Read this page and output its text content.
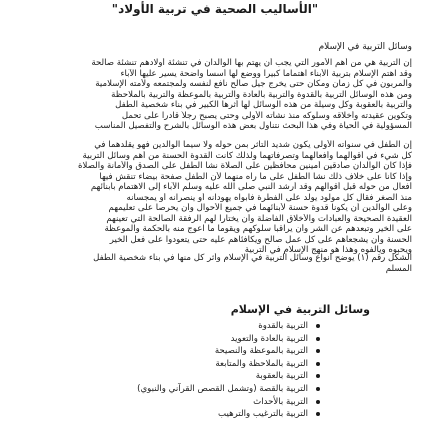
"الأساليب الصحية في تربية الأولاد"
وسائل التربية في الإسلام
إن التربية هي من أهم الأمور التي يجب أن يهتم بها الوالدان في تنشئة أولادهم تنشئة صالحة
وقد اهتم الإسلام بتربية الأبناء اهتماماً كبيراً ووضع لها أسساً واضحة يسير عليها الآباء
والمربون في كل زمان ومكان حتى يخرج جيل صالح نافع لنفسه ولمجتمعه ولأمته الإسلامية
ومن هذه الوسائل التربية بالقدوة والتربية بالعادة والتربية بالموعظة والتربية بالملاحظة
والتربية بالعقوبة وكل وسيلة من هذه الوسائل لها أثرها الكبير في بناء شخصية الطفل
وتكوين عقيدته وأخلاقه وسلوكه منذ نشأته الأولى وحتى يصبح رجلاً قادراً على تحمل
المسؤولية في الحياة وفي هذا البحث نتناول بعض هذه الوسائل بالشرح والتفصيل المناسب
إن الطفل في سنواته الأولى يكون شديد التأثر بمن حوله ولا سيما الوالدين فهو يقلدهما في
كل شيء في أقوالهما وأفعالهما وتصرفاتهما ولذلك كانت القدوة الحسنة من أهم وسائل التربية
فإذا كان الوالدان صادقين أمينين محافظين على الصلاة نشأ الطفل على الصدق والأمانة والصلاة
وإذا كانا على خلاف ذلك نشأ الطفل على ما رآه منهما لأن الطفل صفحة بيضاء تنقش فيها
أفعال من حوله قبل أقوالهم وقد أرشد النبي صلى الله عليه وسلم الآباء إلى الاهتمام بأبنائهم
منذ الصغر فقال كل مولود يولد على الفطرة فأبواه يهودانه أو ينصرانه أو يمجسانه
وعلى الوالدين أن يكونا قدوة حسنة لأبنائهما في جميع الأحوال وأن يحرصا على تعليمهم
العقيدة الصحيحة والعبادات والأخلاق الفاضلة وأن يختارا لهم الرفقة الصالحة التي تعينهم
على الخير وتبعدهم عن الشر وأن يراقبا سلوكهم ويقوما ما اعوج منه بالحكمة والموعظة
الحسنة وأن يشجعاهم على كل عمل صالح ويكافئاهم عليه حتى يتعودوا على فعل الخير
ويحبوه ويألفوه وهذا هو منهج الإسلام في التربية
الشكل رقم (١) يوضح أنواع وسائل التربية في الإسلام وأثر كل منها في بناء شخصية الطفل
المسلم
وسائل التربية في الإسلام
التربية بالقدوة
التربية بالعادة والتعويد
التربية بالموعظة والنصيحة
التربية بالملاحظة والمتابعة
التربية بالعقوبة
التربية بالقصة (وتشمل القصص القرآني والنبوي)
التربية بالأحداث
التربية بالترغيب والترهيب
